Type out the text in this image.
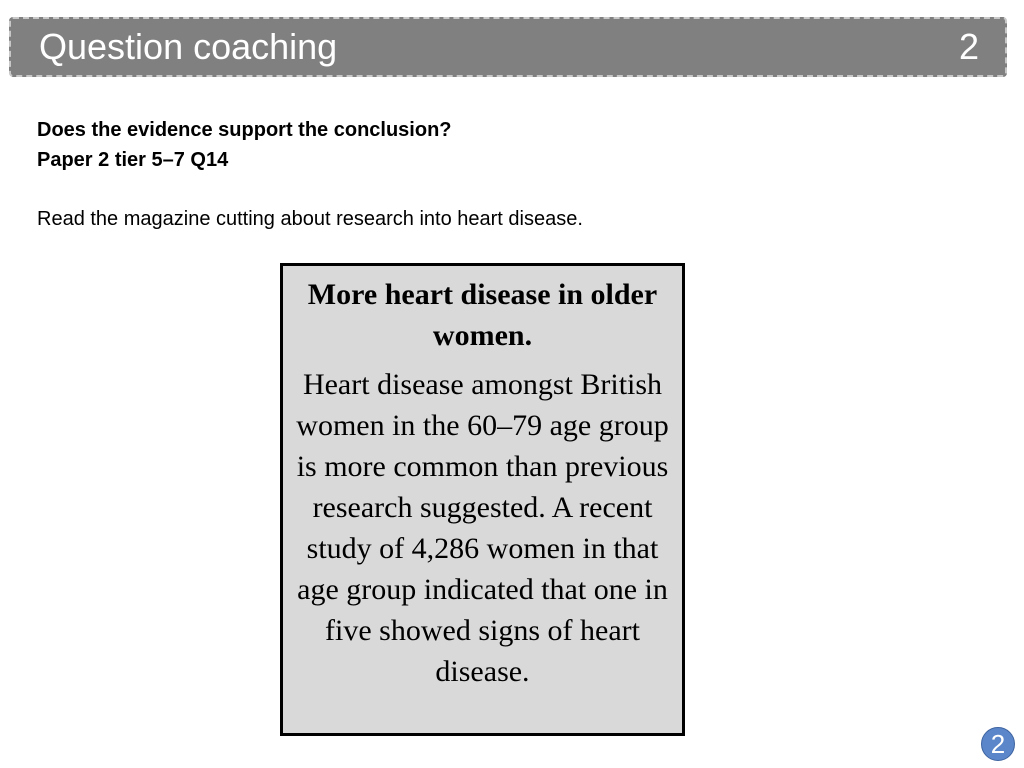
Question coaching	2
Does the evidence support the conclusion?
Paper 2 tier 5–7 Q14
Read the magazine cutting about research into heart disease.

More heart disease in older women.

Heart disease amongst British women in the 60–79 age group is more common than previous research suggested. A recent study of 4,286 women in that age group indicated that one in five showed signs of heart disease.

2
